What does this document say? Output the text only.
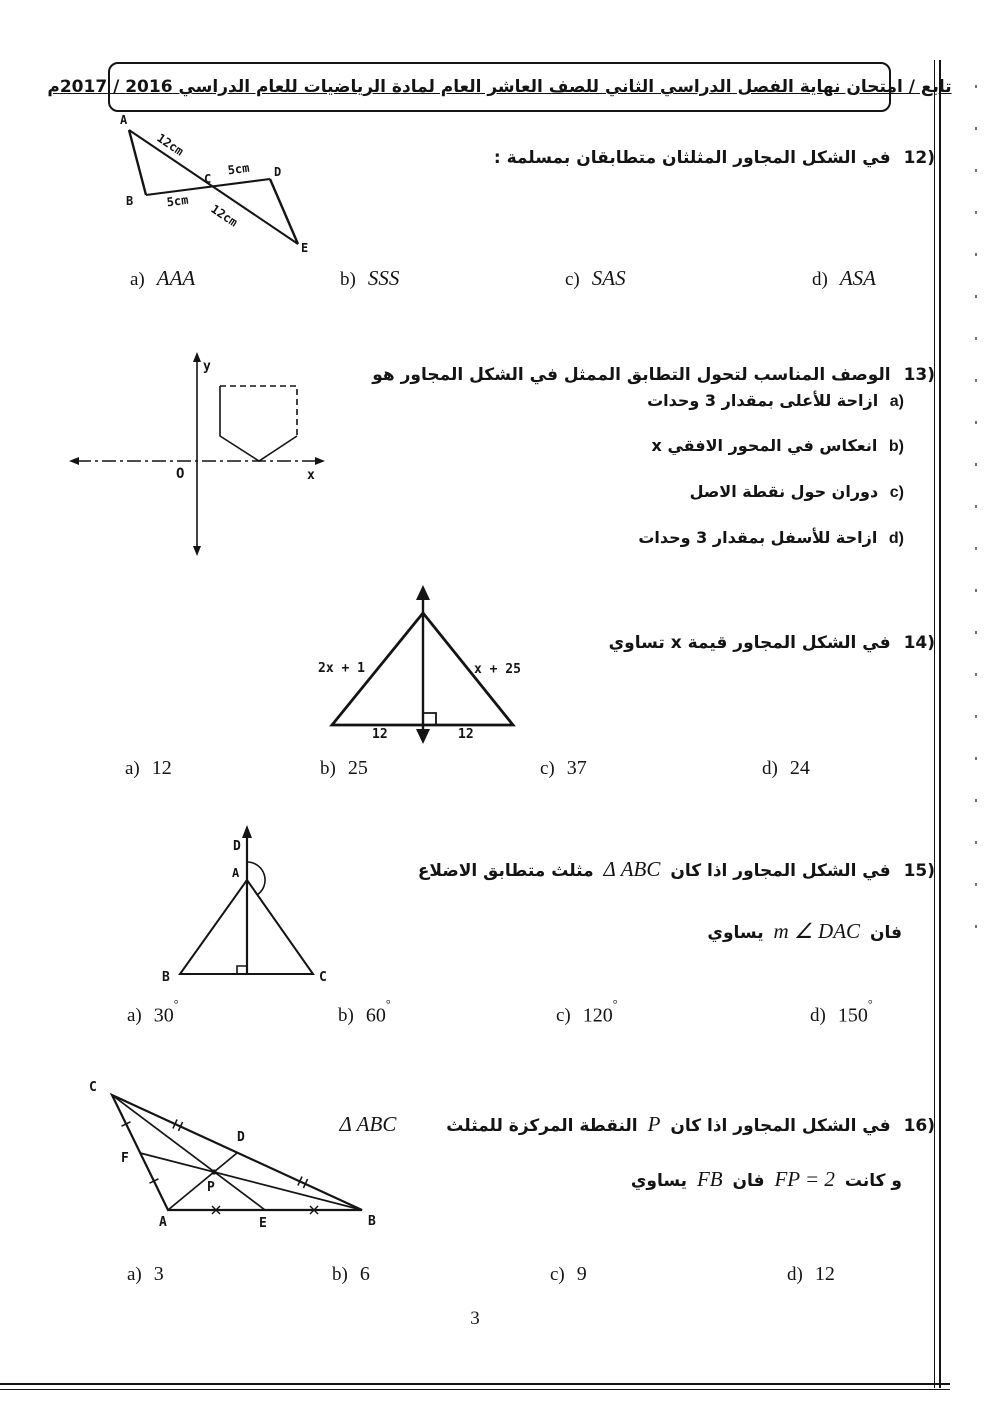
تابع / امتحان نهاية الفصل الدراسي الثاني للصف العاشر العام لمادة الرياضيات للعام الدراسي 2016 / 2017م

12) في الشكل المجاور المثلثان متطابقان بمسلمة :

A
B
C	D
E
12cm
5cm
5cm
12cm
a) AAA	b) SSS	c) SAS	d) ASA

13) الوصف المناسب لتحول التطابق الممثل في الشكل المجاور هو

a) ازاحة للأعلى بمقدار 3 وحدات
b) انعكاس في المحور الافقي x
c) دوران حول نقطة الاصل
d) ازاحة للأسفل بمقدار 3 وحدات
y
x
O

14) في الشكل المجاور قيمة x تساوي

2x + 1	x + 25
12	12
a) 12	b) 25	c) 37	d) 24

15) في الشكل المجاور اذا كان Δ ABC مثلث متطابق الاضلاع

فان m ∠ DAC يساوي

D
A
B	C
a) 30°
b) 60°
c) 120°
d) 150°

16) في الشكل المجاور اذا كان P النقطة المركزة للمثلث Δ ABC

و كانت FP = 2 فان FB يساوي

C
F
A
P
D
E	B
a) 3	b) 6	c) 9	d) 12
3
